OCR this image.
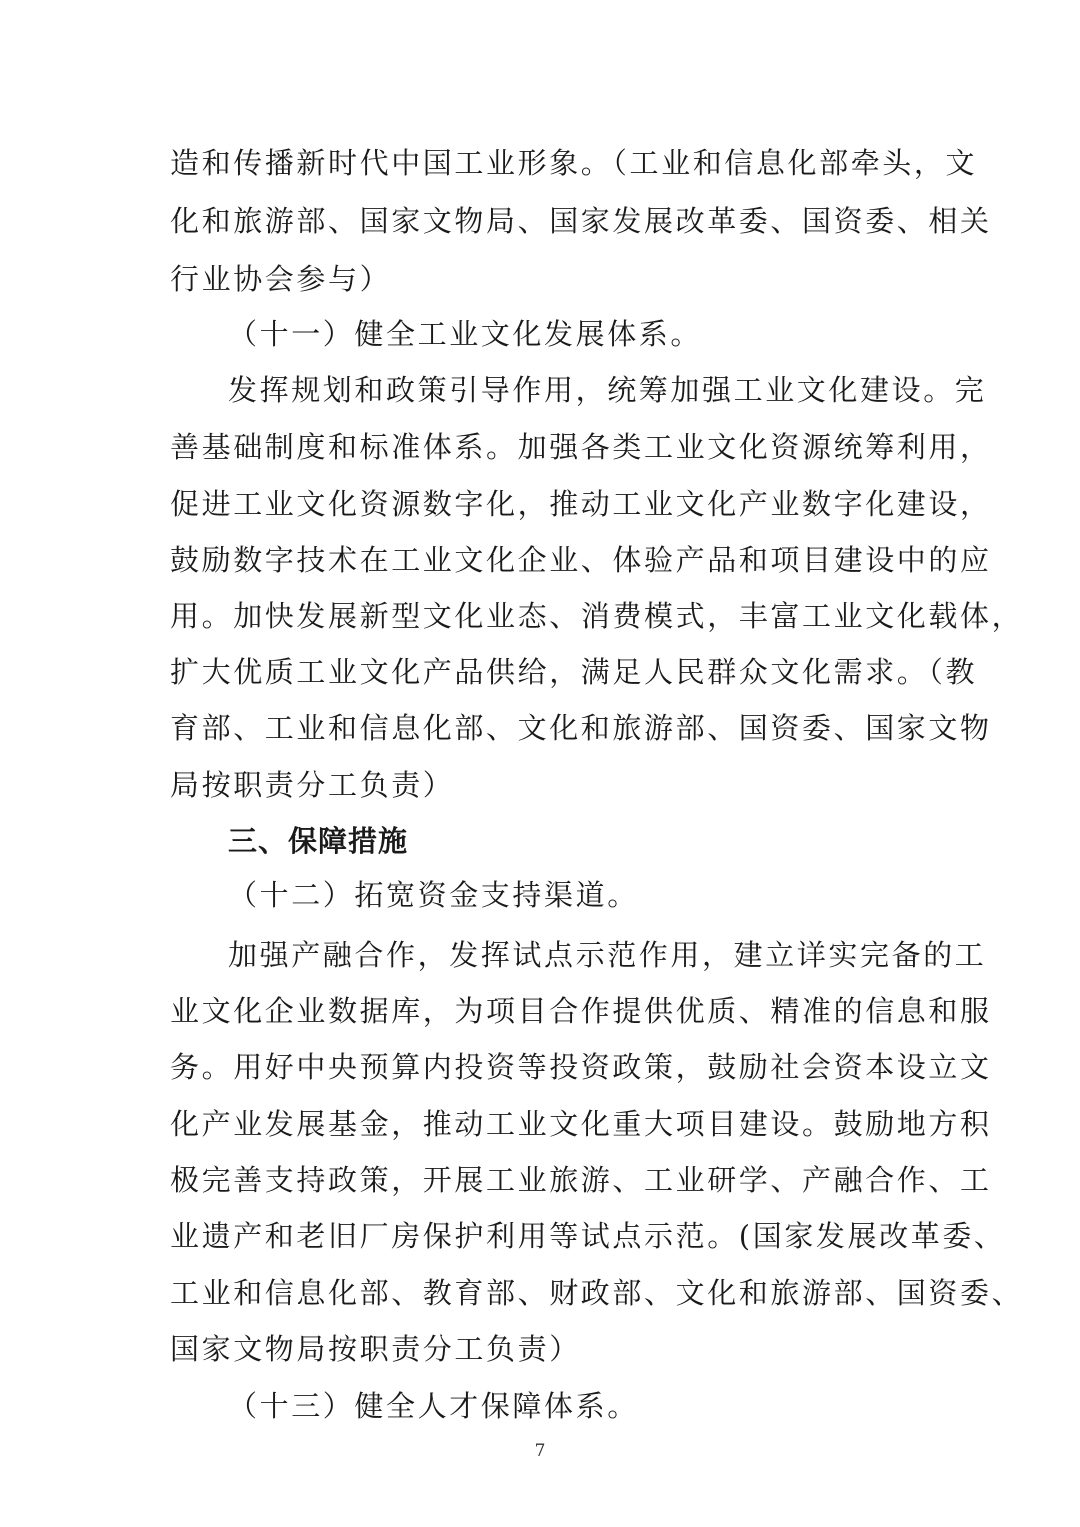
造和传播新时代中国工业形象。（工业和信息化部牵头，文
化和旅游部、国家文物局、国家发展改革委、国资委、相关
行业协会参与）
（十一）健全工业文化发展体系。
发挥规划和政策引导作用，统筹加强工业文化建设。完
善基础制度和标准体系。加强各类工业文化资源统筹利用，
促进工业文化资源数字化，推动工业文化产业数字化建设，
鼓励数字技术在工业文化企业、体验产品和项目建设中的应
用。加快发展新型文化业态、消费模式，丰富工业文化载体，
扩大优质工业文化产品供给，满足人民群众文化需求。（教
育部、工业和信息化部、文化和旅游部、国资委、国家文物
局按职责分工负责）
三、保障措施
（十二）拓宽资金支持渠道。
加强产融合作，发挥试点示范作用，建立详实完备的工
业文化企业数据库，为项目合作提供优质、精准的信息和服
务。用好中央预算内投资等投资政策，鼓励社会资本设立文
化产业发展基金，推动工业文化重大项目建设。鼓励地方积
极完善支持政策，开展工业旅游、工业研学、产融合作、工
业遗产和老旧厂房保护利用等试点示范。(国家发展改革委、
工业和信息化部、教育部、财政部、文化和旅游部、国资委、
国家文物局按职责分工负责）
（十三）健全人才保障体系。
7
